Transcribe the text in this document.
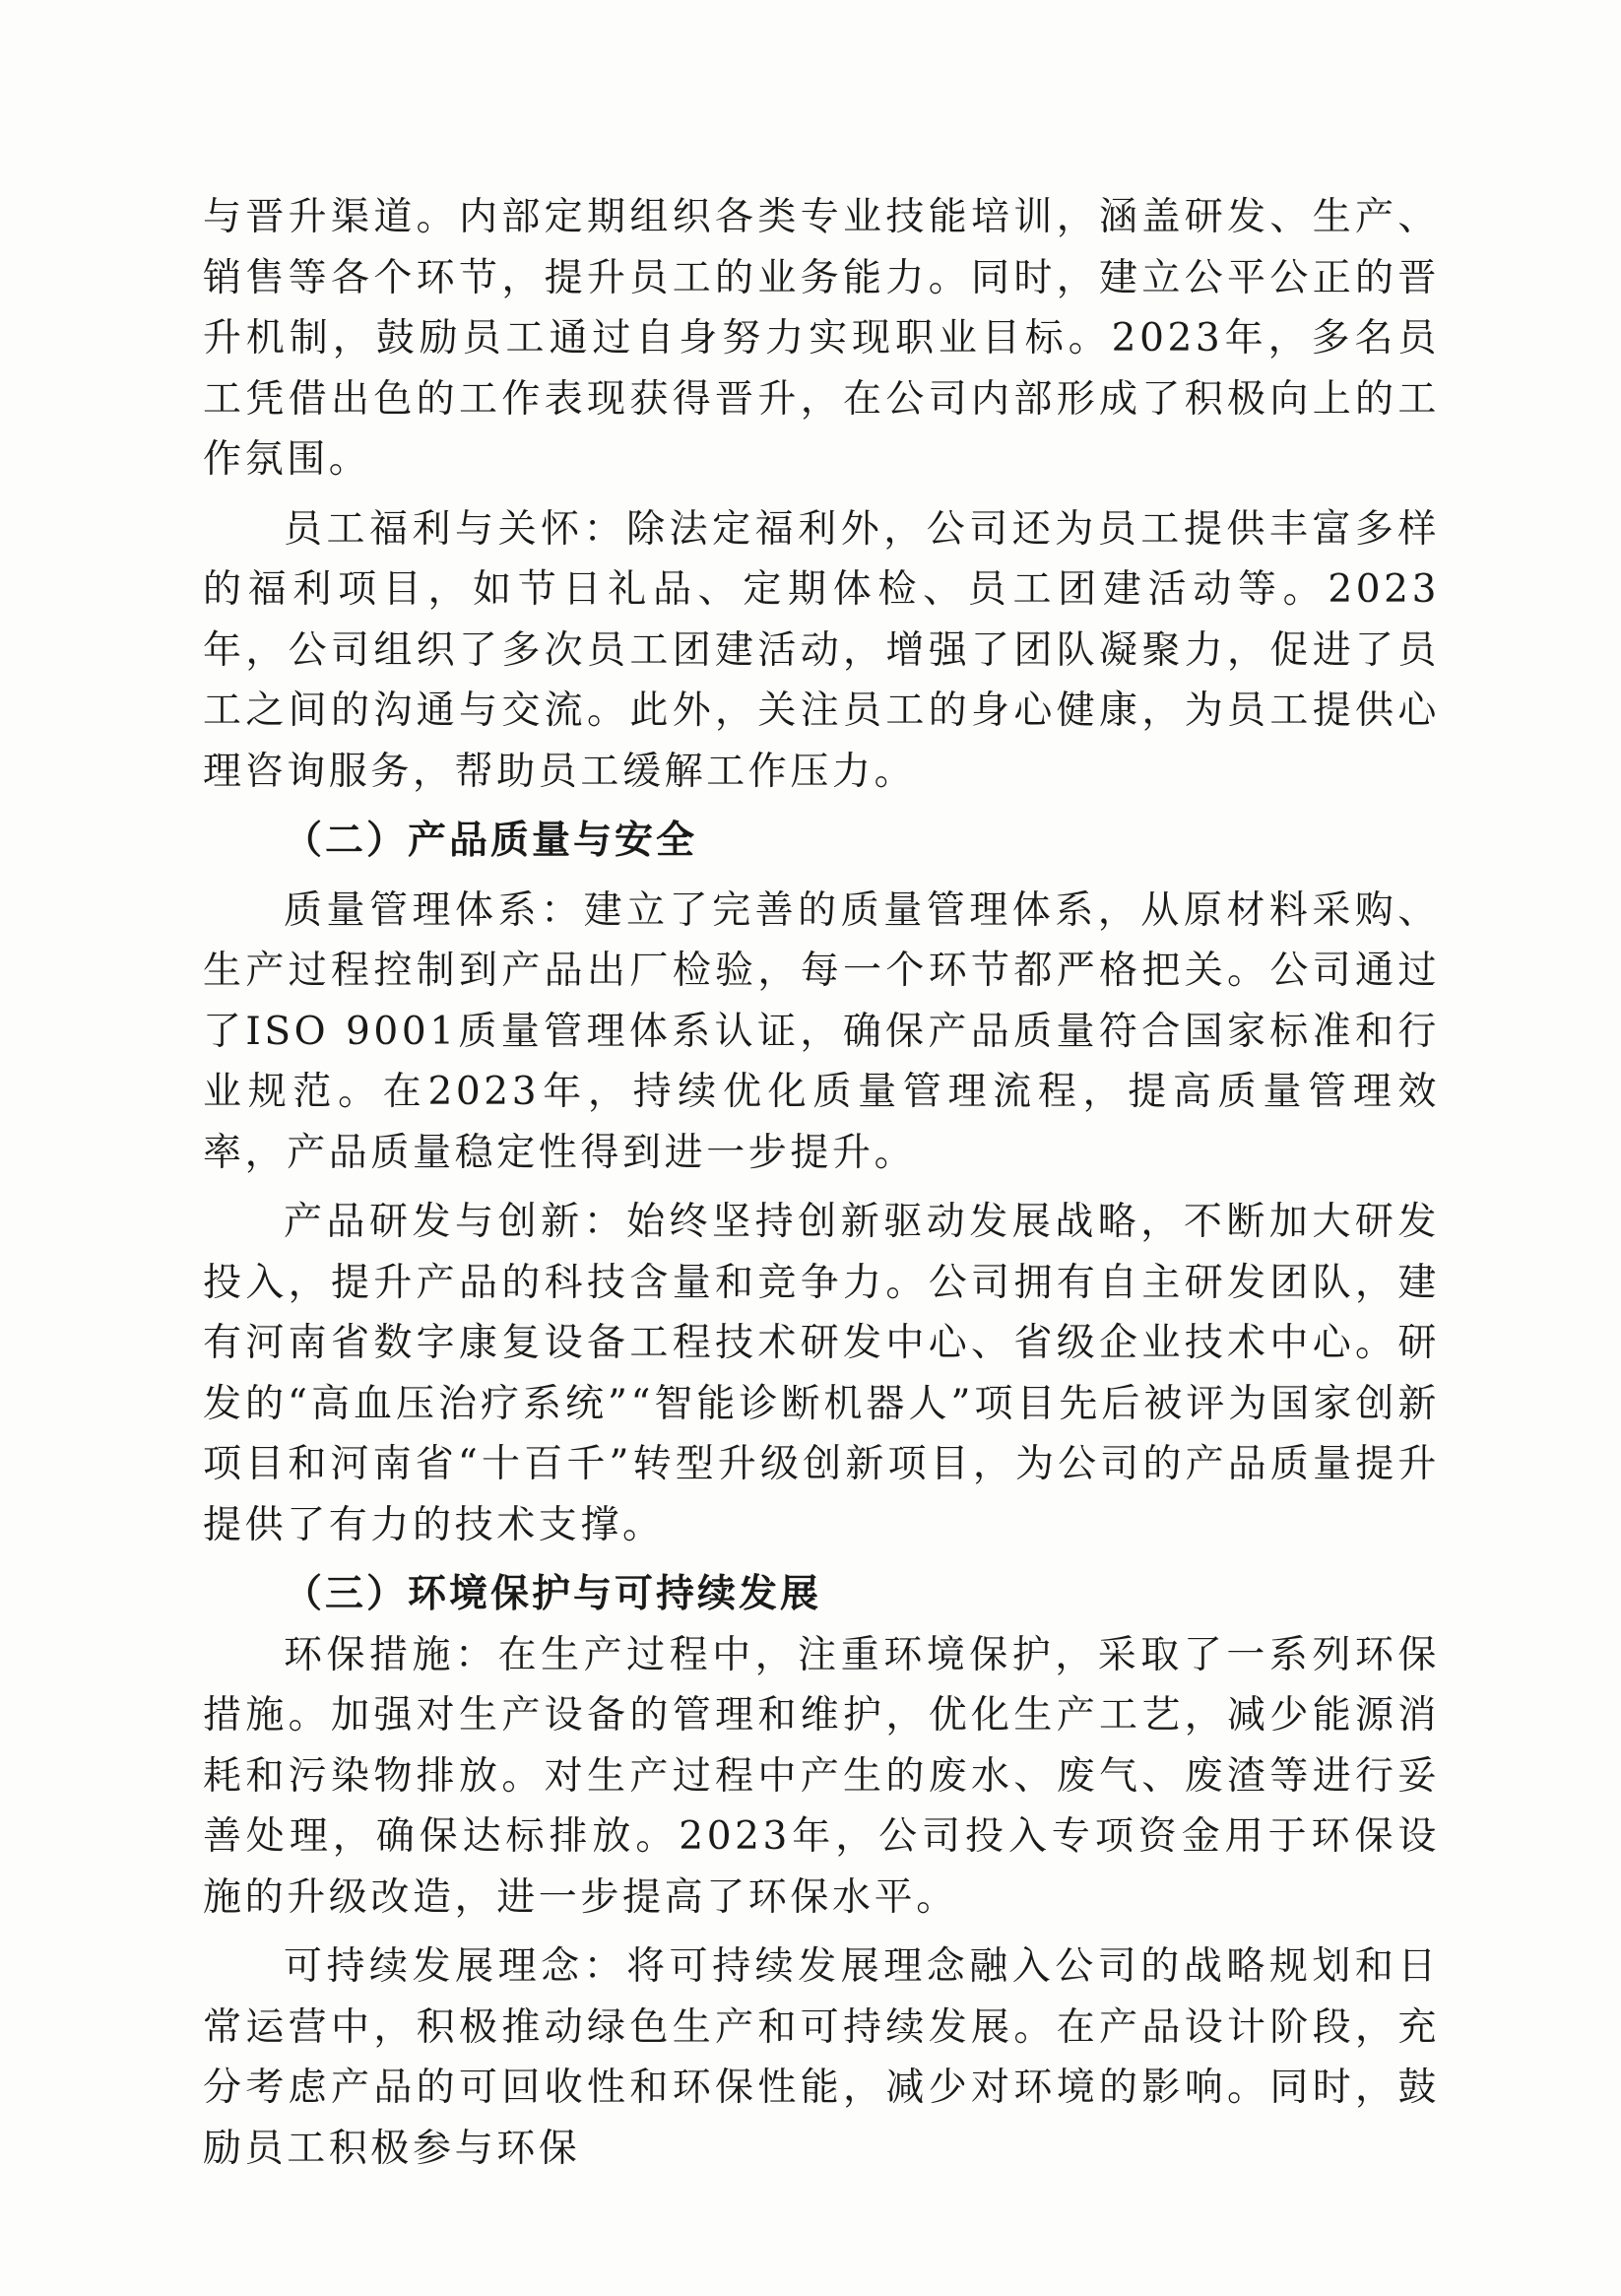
与晋升渠道。内部定期组织各类专业技能培训，涵盖研发、生产、销售等各个环节，提升员工的业务能力。同时，建立公平公正的晋升机制，鼓励员工通过自身努力实现职业目标。2023年，多名员工凭借出色的工作表现获得晋升，在公司内部形成了积极向上的工作氛围。

员工福利与关怀：除法定福利外，公司还为员工提供丰富多样的福利项目，如节日礼品、定期体检、员工团建活动等。2023年，公司组织了多次员工团建活动，增强了团队凝聚力，促进了员工之间的沟通与交流。此外，关注员工的身心健康，为员工提供心理咨询服务，帮助员工缓解工作压力。

（二）产品质量与安全

质量管理体系：建立了完善的质量管理体系，从原材料采购、生产过程控制到产品出厂检验，每一个环节都严格把关。公司通过了ISO 9001质量管理体系认证，确保产品质量符合国家标准和行业规范。在2023年，持续优化质量管理流程，提高质量管理效率，产品质量稳定性得到进一步提升。

产品研发与创新：始终坚持创新驱动发展战略，不断加大研发投入，提升产品的科技含量和竞争力。公司拥有自主研发团队，建有河南省数字康复设备工程技术研发中心、省级企业技术中心。研发的“高血压治疗系统”“智能诊断机器人”项目先后被评为国家创新项目和河南省“十百千”转型升级创新项目，为公司的产品质量提升提供了有力的技术支撑。

（三）环境保护与可持续发展

环保措施：在生产过程中，注重环境保护，采取了一系列环保措施。加强对生产设备的管理和维护，优化生产工艺，减少能源消耗和污染物排放。对生产过程中产生的废水、废气、废渣等进行妥善处理，确保达标排放。2023年，公司投入专项资金用于环保设施的升级改造，进一步提高了环保水平。

可持续发展理念：将可持续发展理念融入公司的战略规划和日常运营中，积极推动绿色生产和可持续发展。在产品设计阶段，充分考虑产品的可回收性和环保性能，减少对环境的影响。同时，鼓励员工积极参与环保
